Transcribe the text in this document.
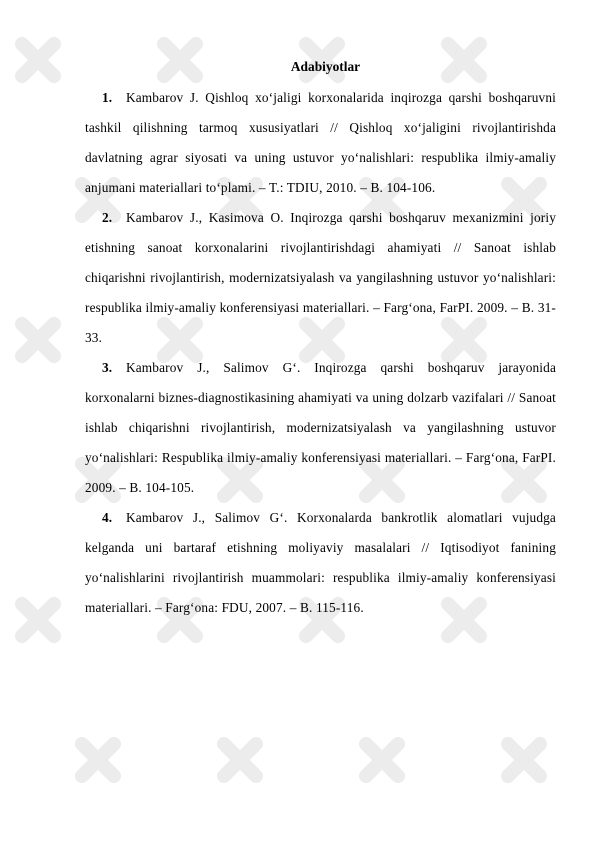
Adabiyotlar

1. Kambarov J. Qishloq xo‘jaligi korxonalarida inqirozga qarshi boshqaruvni tashkil qilishning tarmoq xususiyatlari // Qishloq xo‘jaligini rivojlantirishda davlatning agrar siyosati va uning ustuvor yo‘nalishlari: respublika ilmiy-amaliy anjumani materiallari to‘plami. – T.: TDIU, 2010. – B. 104-106.

2. Kambarov J., Kasimova O. Inqirozga qarshi boshqaruv mexanizmini joriy etishning sanoat korxonalarini rivojlantirishdagi ahamiyati // Sanoat ishlab chiqarishni rivojlantirish, modernizatsiyalash va yangilashning ustuvor yo‘nalishlari: respublika ilmiy-amaliy konferensiyasi materiallari. – Farg‘ona, FarPI. 2009. – B. 31-33.

3. Kambarov J., Salimov G‘. Inqirozga qarshi boshqaruv jarayonida korxonalarni biznes-diagnostikasining ahamiyati va uning dolzarb vazifalari // Sanoat ishlab chiqarishni rivojlantirish, modernizatsiyalash va yangilashning ustuvor yo‘nalishlari: Respublika ilmiy-amaliy konferensiyasi materiallari. – Farg‘ona, FarPI. 2009. – B. 104-105.

4. Kambarov J., Salimov G‘. Korxonalarda bankrotlik alomatlari vujudga kelganda uni bartaraf etishning moliyaviy masalalari // Iqtisodiyot fanining yo‘nalishlarini rivojlantirish muammolari: respublika ilmiy-amaliy konferensiyasi materiallari. – Farg‘ona: FDU, 2007. – B. 115-116.
